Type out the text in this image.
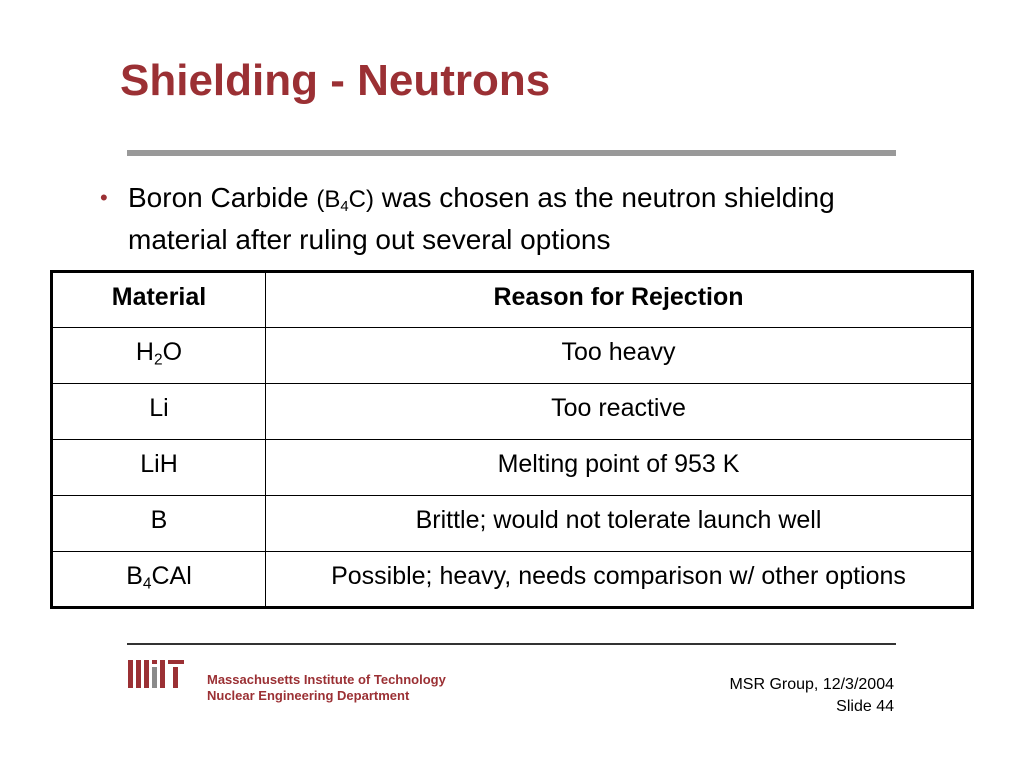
Shielding - Neutrons
• Boron Carbide $(B_4C)$ was chosen as the neutron shielding material after ruling out several options
Material	Reason for Rejection
$H_2O$	Too heavy
Li	Too reactive
LiH	Melting point of 953 K
B	Brittle; would not tolerate launch well
$B_4CAl$	Possible; heavy, needs comparison w/ other options
Massachusetts Institute of Technology
Nuclear Engineering Department
MSR Group, 12/3/2004
Slide 44
